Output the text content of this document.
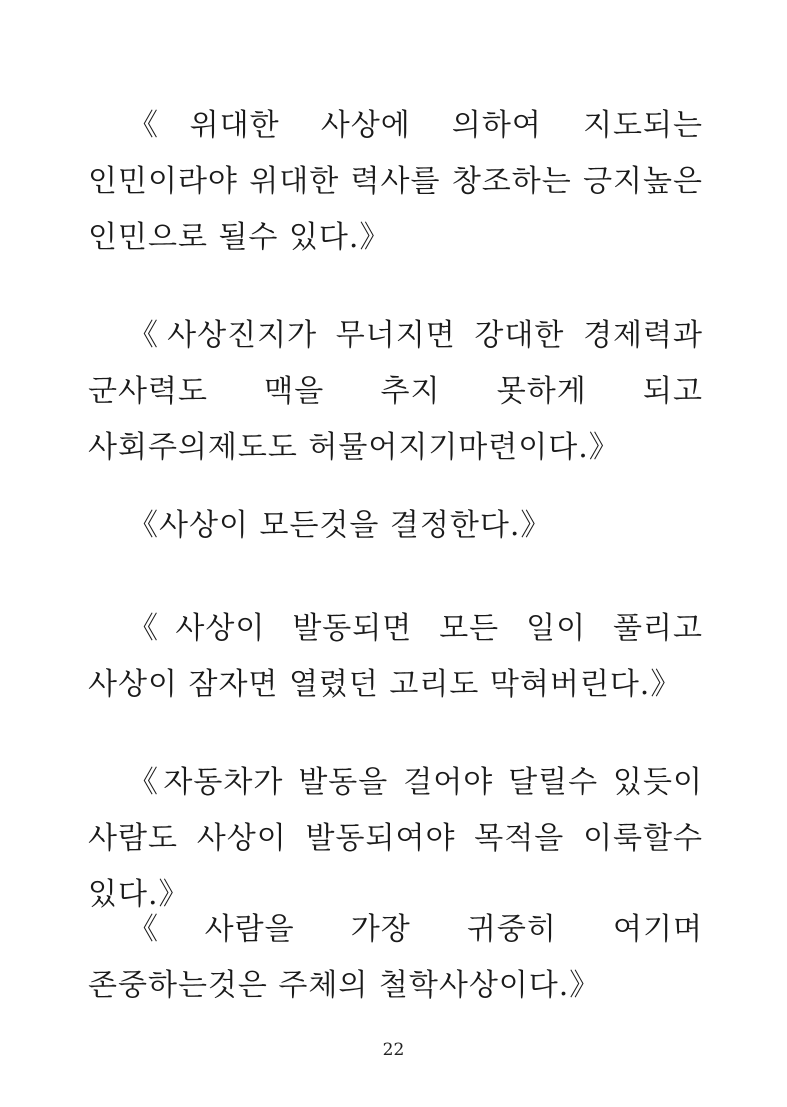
《위대한 사상에 의하여 지도되는 인민이라야 위대한 력사를 창조하는 긍지높은 인민으로 될수 있다.》

《사상진지가 무너지면 강대한 경제력과 군사력도 맥을 추지 못하게 되고 사회주의제도도 허물어지기마련이다.》

《사상이 모든것을 결정한다.》

《사상이 발동되면 모든 일이 풀리고 사상이 잠자면 열렸던 고리도 막혀버린다.》

《자동차가 발동을 걸어야 달릴수 있듯이 사람도 사상이 발동되여야 목적을 이룩할수 있다.》

《사람을 가장 귀중히 여기며 존중하는것은 주체의 철학사상이다.》

22
